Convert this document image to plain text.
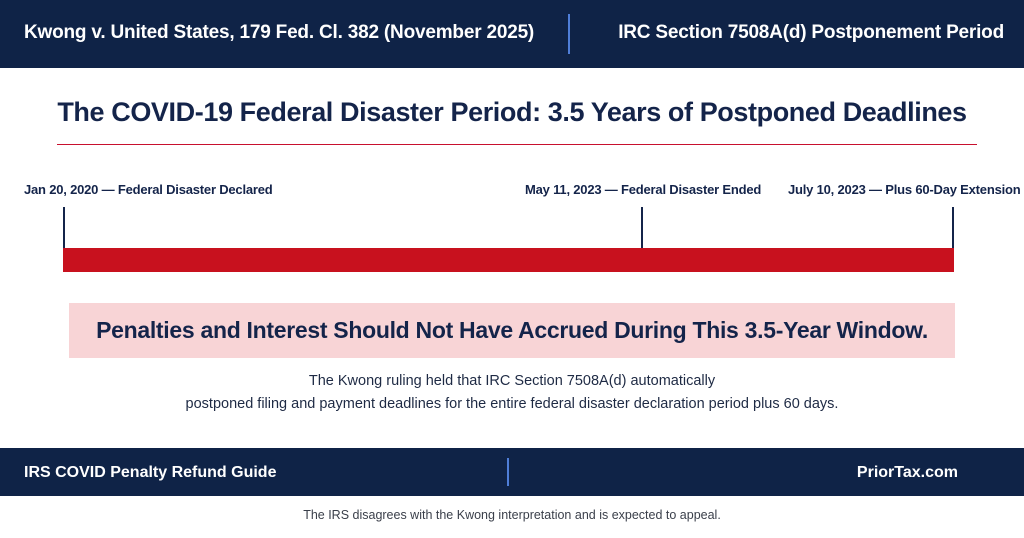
Kwong v. United States, 179 Fed. Cl. 382 (November 2025)	IRC Section 7508A(d) Postponement Period
The COVID-19 Federal Disaster Period: 3.5 Years of Postponed Deadlines
Jan 20, 2020 — Federal Disaster Declared	May 11, 2023 — Federal Disaster Ended July 10, 2023 — Plus 60-Day Extension
Penalties and Interest Should Not Have Accrued During This 3.5-Year Window.

The Kwong ruling held that IRC Section 7508A(d) automatically

postponed filing and payment deadlines for the entire federal disaster declaration period plus 60 days.

IRS COVID Penalty Refund Guide	PriorTax.com

The IRS disagrees with the Kwong interpretation and is expected to appeal.
